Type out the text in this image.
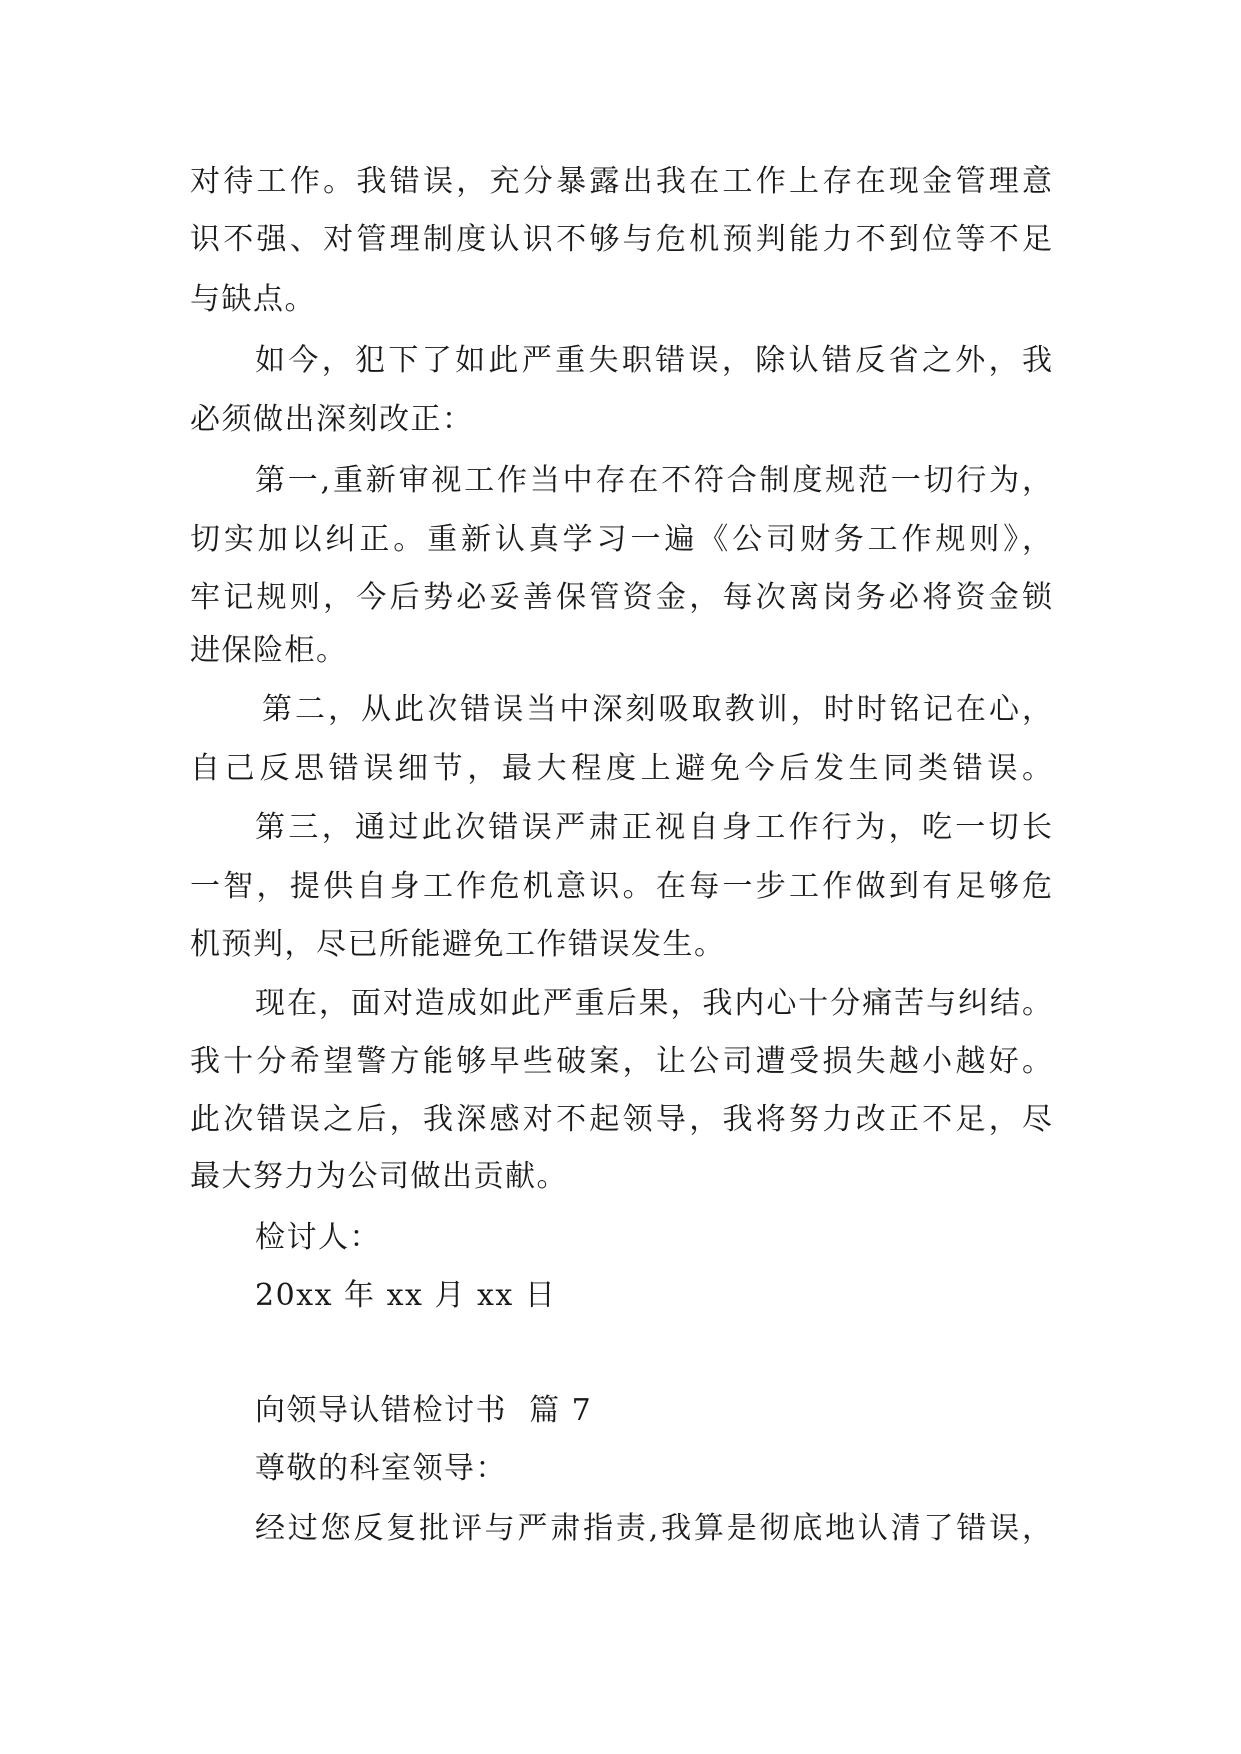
对待工作。我错误，充分暴露出我在工作上存在现金管理意
识不强、对管理制度认识不够与危机预判能力不到位等不足
与缺点。
如今，犯下了如此严重失职错误，除认错反省之外，我
必须做出深刻改正：
第一,重新审视工作当中存在不符合制度规范一切行为，
切实加以纠正。重新认真学习一遍《公司财务工作规则》，
牢记规则，今后势必妥善保管资金，每次离岗务必将资金锁
进保险柜。
第二，从此次错误当中深刻吸取教训，时时铭记在心，
自己反思错误细节，最大程度上避免今后发生同类错误。
第三，通过此次错误严肃正视自身工作行为，吃一切长
一智，提供自身工作危机意识。在每一步工作做到有足够危
机预判，尽已所能避免工作错误发生。
现在，面对造成如此严重后果，我内心十分痛苦与纠结。
我十分希望警方能够早些破案，让公司遭受损失越小越好。
此次错误之后，我深感对不起领导，我将努力改正不足，尽
最大努力为公司做出贡献。
检讨人：
20xx 年 xx 月 xx 日
向领导认错检讨书  篇 7
尊敬的科室领导：
经过您反复批评与严肃指责,我算是彻底地认清了错误，
